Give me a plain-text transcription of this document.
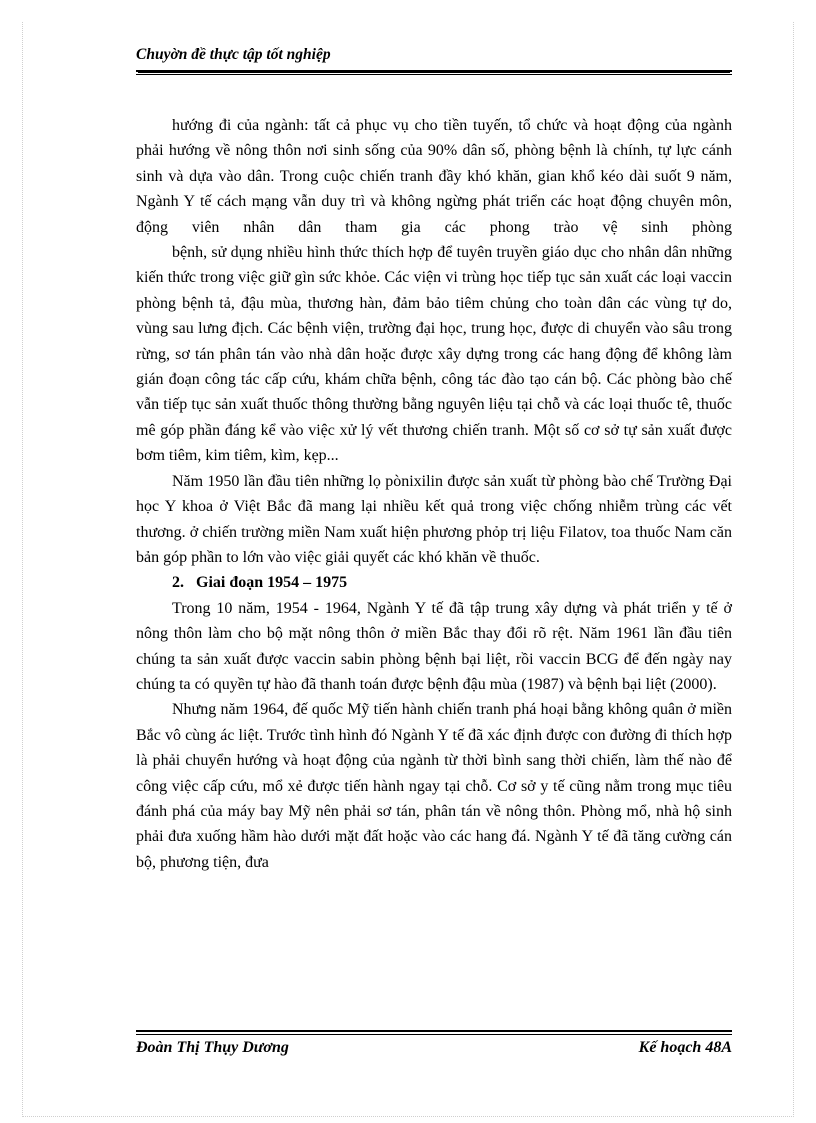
Chuyờn đề thực tập tốt nghiệp

hướng đi của ngành: tất cả phục vụ cho tiền tuyến, tổ chức và hoạt động của ngành phải hướng về nông thôn nơi sinh sống của 90% dân số, phòng bệnh là chính, tự lực cánh sinh và dựa vào dân. Trong cuộc chiến tranh đầy khó khăn, gian khổ kéo dài suốt 9 năm, Ngành Y tế cách mạng vẫn duy trì và không ngừng phát triển các hoạt động chuyên môn, động viên nhân dân tham gia các phong trào vệ sinh phòng

bệnh, sử dụng nhiều hình thức thích hợp để tuyên truyền giáo dục cho nhân dân những kiến thức trong việc giữ gìn sức khỏe. Các viện vi trùng học tiếp tục sản xuất các loại vaccin phòng bệnh tả, đậu mùa, thương hàn, đảm bảo tiêm chủng cho toàn dân các vùng tự do, vùng sau lưng địch. Các bệnh viện, trường đại học, trung học, được di chuyển vào sâu trong rừng, sơ tán phân tán vào nhà dân hoặc được xây dựng trong các hang động để không làm gián đoạn công tác cấp cứu, khám chữa bệnh, công tác đào tạo cán bộ. Các phòng bào chế vẫn tiếp tục sản xuất thuốc thông thường bằng nguyên liệu tại chỗ và các loại thuốc tê, thuốc mê góp phần đáng kể vào việc xử lý vết thương chiến tranh. Một số cơ sở tự sản xuất được bơm tiêm, kim tiêm, kìm, kẹp...

Năm 1950 lần đầu tiên những lọ pònixilin được sản xuất từ phòng bào chế Trường Đại học Y khoa ở Việt Bắc đã mang lại nhiều kết quả trong việc chống nhiễm trùng các vết thương. ở chiến trường miền Nam xuất hiện phương phỏp trị liệu Filatov, toa thuốc Nam căn bản góp phần to lớn vào việc giải quyết các khó khăn về thuốc.

2. Giai đoạn 1954 – 1975

Trong 10 năm, 1954 - 1964, Ngành Y tế đã tập trung xây dựng và phát triển y tế ở nông thôn làm cho bộ mặt nông thôn ở miền Bắc thay đổi rõ rệt. Năm 1961 lần đầu tiên chúng ta sản xuất được vaccin sabin phòng bệnh bại liệt, rồi vaccin BCG để đến ngày nay chúng ta có quyền tự hào đã thanh toán được bệnh đậu mùa (1987) và bệnh bại liệt (2000).

Nhưng năm 1964, đế quốc Mỹ tiến hành chiến tranh phá hoại bằng không quân ở miền Bắc vô cùng ác liệt. Trước tình hình đó Ngành Y tế đã xác định được con đường đi thích hợp là phải chuyển hướng và hoạt động của ngành từ thời bình sang thời chiến, làm thế nào để công việc cấp cứu, mổ xẻ được tiến hành ngay tại chỗ. Cơ sở y tế cũng nằm trong mục tiêu đánh phá của máy bay Mỹ nên phải sơ tán, phân tán về nông thôn. Phòng mổ, nhà hộ sinh phải đưa xuống hầm hào dưới mặt đất hoặc vào các hang đá. Ngành Y tế đã tăng cường cán bộ, phương tiện, đưa

Đoàn Thị Thụy Dương	Kế hoạch 48A
